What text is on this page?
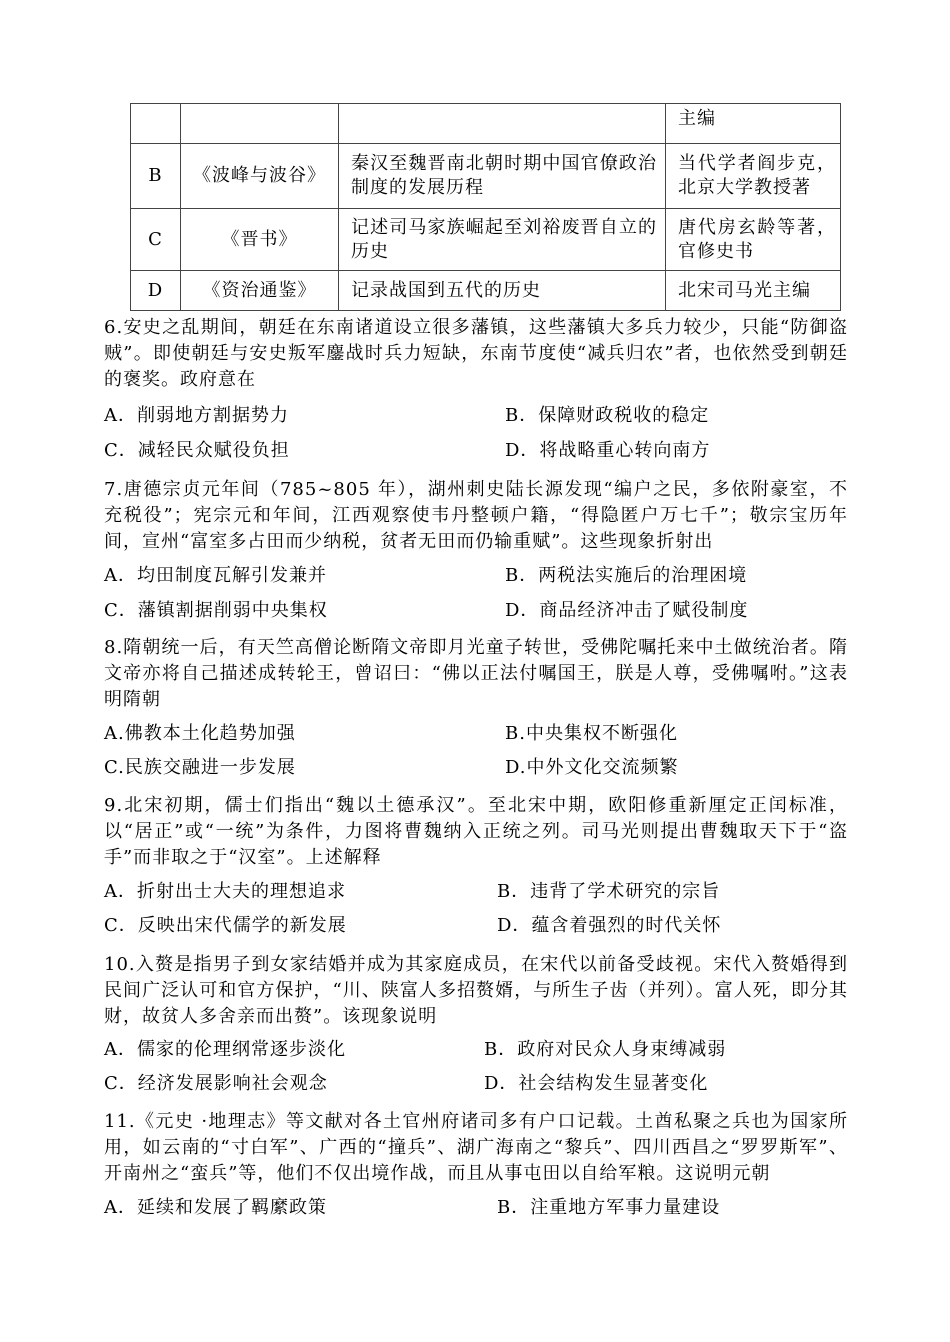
			主编
B	《波峰与波谷》	秦汉至魏晋南北朝时期中国官僚政治制度的发展历程	当代学者阎步克，北京大学教授著
C	《晋书》	记述司马家族崛起至刘裕废晋自立的历史	唐代房玄龄等著，官修史书
D	《资治通鉴》	记录战国到五代的历史	北宋司马光主编

6.安史之乱期间，朝廷在东南诸道设立很多藩镇，这些藩镇大多兵力较少，只能“防御盗贼”。即使朝廷与安史叛军鏖战时兵力短缺，东南节度使“减兵归农”者，也依然受到朝廷的褒奖。政府意在

A．削弱地方割据势力	B．保障财政税收的稳定
C．减轻民众赋役负担	D．将战略重心转向南方

7.唐德宗贞元年间（785~805 年），湖州刺史陆长源发现“编户之民，多依附豪室，不充税役”；宪宗元和年间，江西观察使韦丹整顿户籍，“得隐匿户万七千”；敬宗宝历年间，宣州“富室多占田而少纳税，贫者无田而仍输重赋”。这些现象折射出

A．均田制度瓦解引发兼并	B．两税法实施后的治理困境
C．藩镇割据削弱中央集权	D．商品经济冲击了赋役制度

8.隋朝统一后，有天竺高僧论断隋文帝即月光童子转世，受佛陀嘱托来中土做统治者。隋文帝亦将自己描述成转轮王，曾诏曰：“佛以正法付嘱国王，朕是人尊，受佛嘱咐。”这表明隋朝

A.佛教本土化趋势加强	B.中央集权不断强化
C.民族交融进一步发展	D.中外文化交流频繁

9.北宋初期，儒士们指出“魏以土德承汉”。至北宋中期，欧阳修重新厘定正闰标准，以“居正”或“一统”为条件，力图将曹魏纳入正统之列。司马光则提出曹魏取天下于“盗手”而非取之于“汉室”。上述解释

A．折射出士大夫的理想追求	B．违背了学术研究的宗旨
C．反映出宋代儒学的新发展	D．蕴含着强烈的时代关怀

10.入赘是指男子到女家结婚并成为其家庭成员，在宋代以前备受歧视。宋代入赘婚得到民间广泛认可和官方保护，“川、陕富人多招赘婿，与所生子齿（并列）。富人死，即分其财，故贫人多舍亲而出赘”。该现象说明

A．儒家的伦理纲常逐步淡化	B．政府对民众人身束缚减弱
C．经济发展影响社会观念	D．社会结构发生显著变化

11.《元史 ·地理志》等文献对各土官州府诸司多有户口记载。土酋私聚之兵也为国家所用，如云南的“寸白军”、广西的“撞兵”、湖广海南之“黎兵”、四川西昌之“罗罗斯军”、开南州之“蛮兵”等，他们不仅出境作战，而且从事屯田以自给军粮。这说明元朝

A．延续和发展了羁縻政策	B．注重地方军事力量建设
